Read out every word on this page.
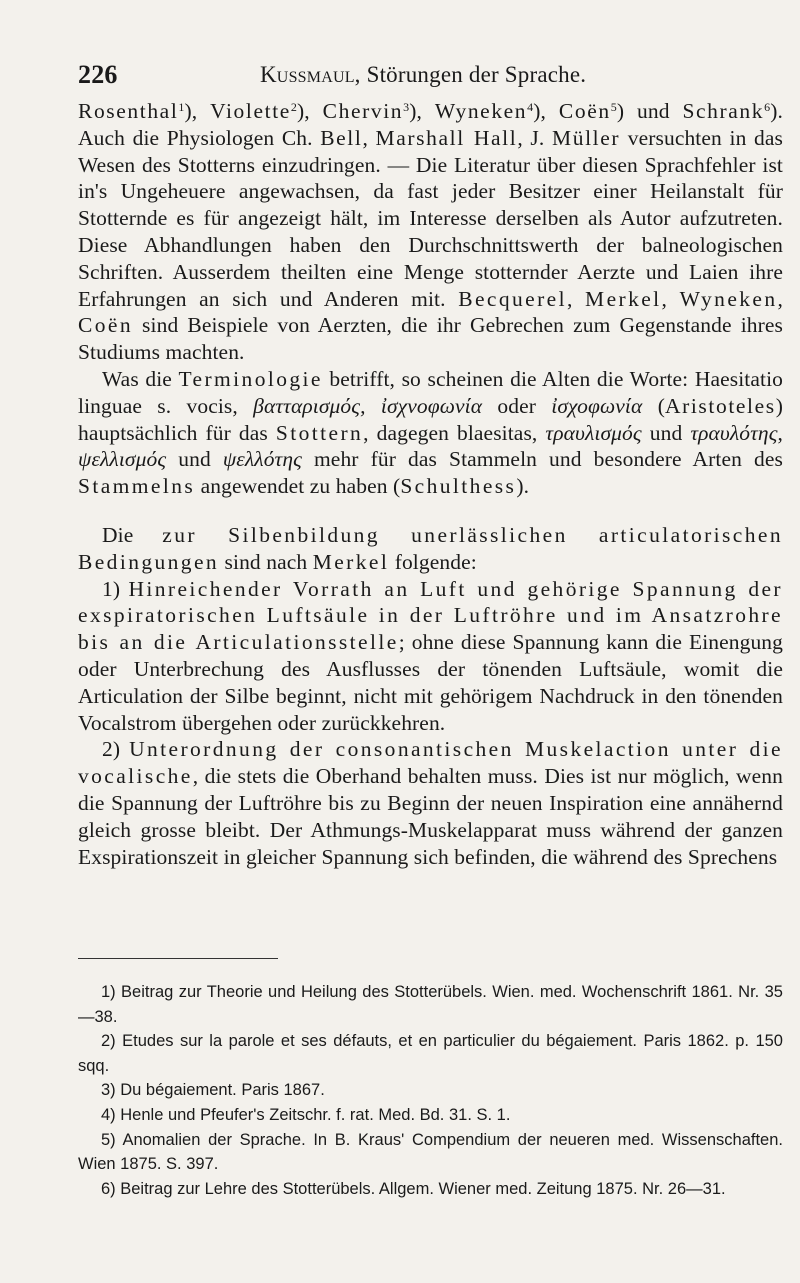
226	Kussmaul, Störungen der Sprache.

Rosenthal$^1$), Violette$^2$), Chervin$^3$), Wyneken$^4$), Coën$^5$) und Schrank$^6$). Auch die Physiologen Ch. Bell, Marshall Hall, J. Müller versuchten in das Wesen des Stotterns einzudringen. — Die Literatur über diesen Sprachfehler ist in's Ungeheuere angewachsen, da fast jeder Besitzer einer Heilanstalt für Stotternde es für angezeigt hält, im Interesse derselben als Autor aufzutreten. Diese Abhandlungen haben den Durchschnittswerth der balneologischen Schriften. Ausserdem theilten eine Menge stotternder Aerzte und Laien ihre Erfahrungen an sich und Anderen mit. Becquerel, Merkel, Wyneken, Coën sind Beispiele von Aerzten, die ihr Gebrechen zum Gegenstande ihres Studiums machten.

Was die Terminologie betrifft, so scheinen die Alten die Worte: Haesitatio linguae s. vocis, βατταρισμός, ἰσχνοφωνία oder ἰσχοφωνία (Aristoteles) hauptsächlich für das Stottern, dagegen blaesitas, τραυλισμός und τραυλότης, ψελλισμός und ψελλότης mehr für das Stammeln und besondere Arten des Stammelns angewendet zu haben (Schulthess).

Die zur Silbenbildung unerlässlichen articulatorischen Bedingungen sind nach Merkel folgende:

1) Hinreichender Vorrath an Luft und gehörige Spannung der exspiratorischen Luftsäule in der Luftröhre und im Ansatzrohre bis an die Articulationsstelle; ohne diese Spannung kann die Einengung oder Unterbrechung des Ausflusses der tönenden Luftsäule, womit die Articulation der Silbe beginnt, nicht mit gehörigem Nachdruck in den tönenden Vocalstrom übergehen oder zurückkehren.

2) Unterordnung der consonantischen Muskelaction unter die vocalische, die stets die Oberhand behalten muss. Dies ist nur möglich, wenn die Spannung der Luftröhre bis zu Beginn der neuen Inspiration eine annähernd gleich grosse bleibt. Der Athmungs-Muskelapparat muss während der ganzen Exspirationszeit in gleicher Spannung sich befinden, die während des Sprechens

1) Beitrag zur Theorie und Heilung des Stotterübels. Wien. med. Wochenschrift 1861. Nr. 35—38.

2) Etudes sur la parole et ses défauts, et en particulier du bégaiement. Paris 1862. p. 150 sqq.

3) Du bégaiement. Paris 1867.

4) Henle und Pfeufer's Zeitschr. f. rat. Med. Bd. 31. S. 1.

5) Anomalien der Sprache. In B. Kraus' Compendium der neueren med. Wissenschaften. Wien 1875. S. 397.

6) Beitrag zur Lehre des Stotterübels. Allgem. Wiener med. Zeitung 1875. Nr. 26—31.
